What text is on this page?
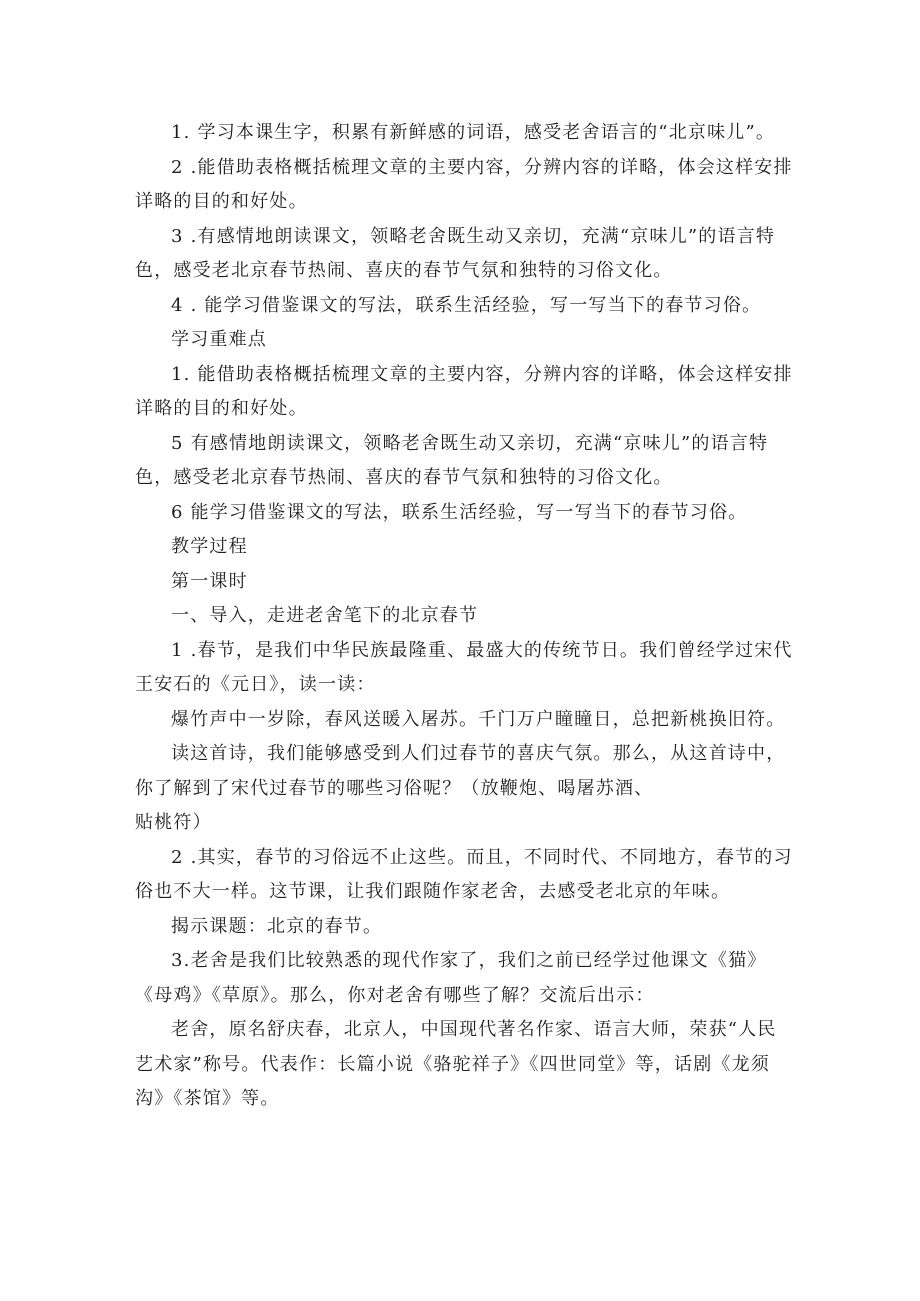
1. 学习本课生字，积累有新鲜感的词语，感受老舍语言的“北京味儿”。

2 .能借助表格概括梳理文章的主要内容，分辨内容的详略，体会这样安排详略的目的和好处。

3 .有感情地朗读课文，领略老舍既生动又亲切，充满“京味儿”的语言特色，感受老北京春节热闹、喜庆的春节气氛和独特的习俗文化。

4 . 能学习借鉴课文的写法，联系生活经验，写一写当下的春节习俗。

学习重难点

1. 能借助表格概括梳理文章的主要内容，分辨内容的详略，体会这样安排详略的目的和好处。

5 有感情地朗读课文，领略老舍既生动又亲切，充满“京味儿”的语言特色，感受老北京春节热闹、喜庆的春节气氛和独特的习俗文化。

6 能学习借鉴课文的写法，联系生活经验，写一写当下的春节习俗。

教学过程

第一课时

一、导入，走进老舍笔下的北京春节

1 .春节，是我们中华民族最隆重、最盛大的传统节日。我们曾经学过宋代王安石的《元日》，读一读：

爆竹声中一岁除，春风送暖入屠苏。千门万户瞳瞳日，总把新桃换旧符。

读这首诗，我们能够感受到人们过春节的喜庆气氛。那么，从这首诗中，你了解到了宋代过春节的哪些习俗呢？（放鞭炮、喝屠苏酒、

贴桃符）

2 .其实，春节的习俗远不止这些。而且，不同时代、不同地方，春节的习俗也不大一样。这节课，让我们跟随作家老舍，去感受老北京的年味。

揭示课题：北京的春节。

3.老舍是我们比较熟悉的现代作家了，我们之前已经学过他课文《猫》《母鸡》《草原》。那么，你对老舍有哪些了解？交流后出示：

老舍，原名舒庆春，北京人，中国现代著名作家、语言大师，荣获“人民艺术家”称号。代表作：长篇小说《骆驼祥子》《四世同堂》等，话剧《龙须沟》《茶馆》等。
